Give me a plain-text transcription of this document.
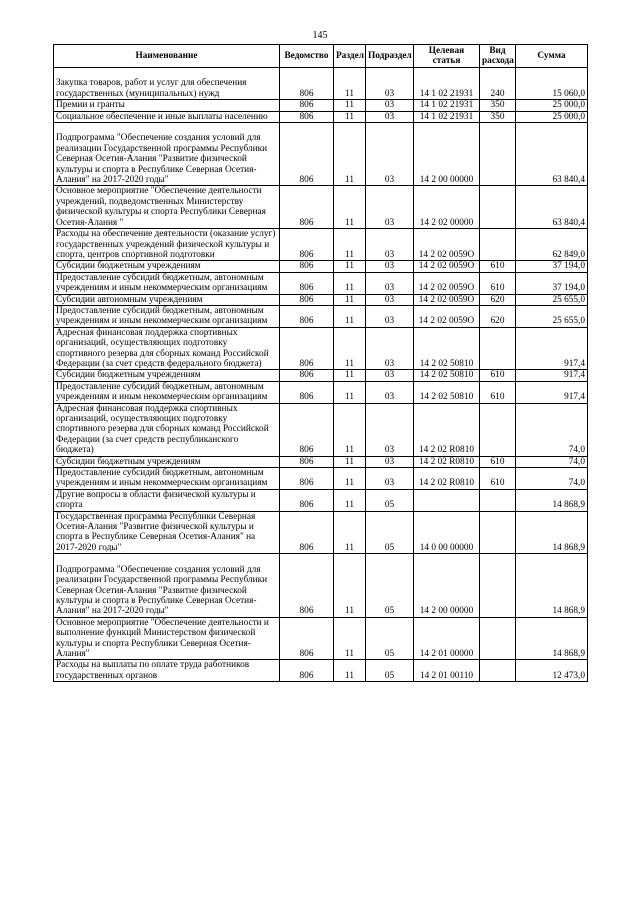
145
Наименование	Ведомство	Раздел	Подраздел	Целевая статья	Вид расхода	Сумма

Закупка товаров, работ и услуг для обеспечения государственных (муниципальных) нужд	806	11	03	14 1 02 21931	240	15 060,0
Премии и гранты	806	11	03	14 1 02 21931	350	25 000,0
Социальное обеспечение и иные выплаты населению	806	11	03	14 1 02 21931	350	25 000,0

Подпрограмма "Обеспечение создания условий для реализации Государственной программы Республики Северная Осетия-Алания "Развитие физической культуры и спорта в Республике Северная Осетия-Алания" на 2017-2020 годы"	806	11	03	14 2 00 00000		63 840,4
Основное мероприятие "Обеспечение деятельности учреждений, подведомственных Министерству физической культуры и спорта Республики Северная Осетия-Алания "	806	11	03	14 2 02 00000		63 840,4
Расходы на обеспечение деятельности (оказание услуг) государственных учреждений физической культуры и спорта, центров спортивной подготовки	806	11	03	14 2 02 0059О		62 849,0
Субсидии бюджетным учреждениям	806	11	03	14 2 02 0059О	610	37 194,0
Предоставление субсидий бюджетным, автономным учреждениям и иным некоммерческим организациям	806	11	03	14 2 02 0059О	610	37 194,0
Субсидии автономным учреждениям	806	11	03	14 2 02 0059О	620	25 655,0
Предоставление субсидий бюджетным, автономным учреждениям и иным некоммерческим организациям	806	11	03	14 2 02 0059О	620	25 655,0
Адресная финансовая поддержка спортивных организаций, осуществляющих подготовку спортивного резерва для сборных команд Российской Федерации (за счет средств федерального бюджета)	806	11	03	14 2 02 50810		917,4
Субсидии бюджетным учреждениям	806	11	03	14 2 02 50810	610	917,4
Предоставление субсидий бюджетным, автономным учреждениям и иным некоммерческим организациям	806	11	03	14 2 02 50810	610	917,4
Адресная финансовая поддержка спортивных организаций, осуществляющих подготовку спортивного резерва для сборных команд Российской Федерации (за счет средств республиканского бюджета)	806	11	03	14 2 02 R0810		74,0
Субсидии бюджетным учреждениям	806	11	03	14 2 02 R0810	610	74,0
Предоставление субсидий бюджетным, автономным учреждениям и иным некоммерческим организациям	806	11	03	14 2 02 R0810	610	74,0
Другие вопросы в области физической культуры и спорта	806	11	05			14 868,9
Государственная программа Республики Северная Осетия-Алания "Развитие физической культуры и спорта в Республике Северная Осетия-Алания" на 2017-2020 годы"	806	11	05	14 0 00 00000		14 868,9

Подпрограмма "Обеспечение создания условий для реализации Государственной программы Республики Северная Осетия-Алания "Развитие физической культуры и спорта в Республике Северная Осетия-Алания" на 2017-2020 годы"	806	11	05	14 2 00 00000		14 868,9
Основное мероприятие "Обеспечение деятельности и выполнение функций Министерством физической культуры и спорта Республики Северная Осетия-Алания"	806	11	05	14 2 01 00000		14 868,9
Расходы на выплаты по оплате труда работников государственных органов	806	11	05	14 2 01 00110		12 473,0
